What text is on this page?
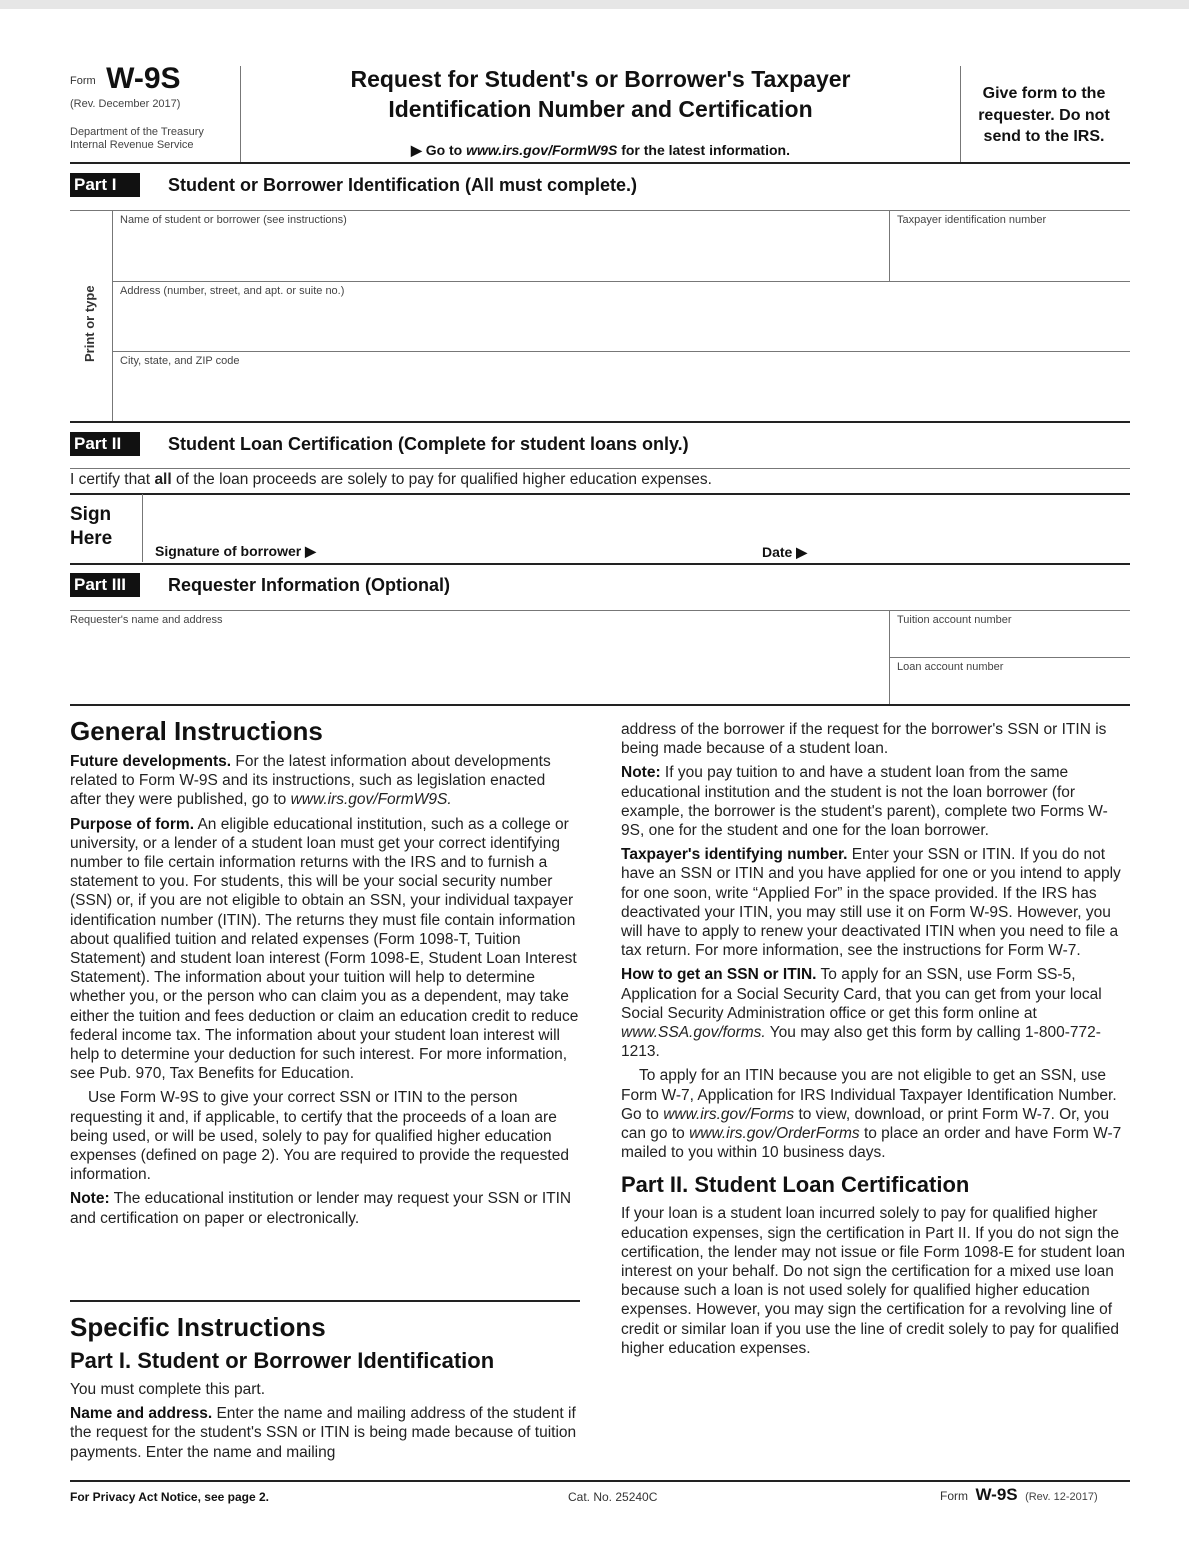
$^{Form}$ W-9S
(Rev. December 2017)
Department of the Treasury
Internal Revenue Service
Request for Student's or Borrower's Taxpayer
Identification Number and Certification
▶ Go to www.irs.gov/FormW9S for the latest information.
Give form to the requester. Do not send to the IRS.
Part I	Student or Borrower Identification (All must complete.)
Print or type
Name of student or borrower (see instructions)	Taxpayer identification number
Address (number, street, and apt. or suite no.)
City, state, and ZIP code
Part II	Student Loan Certification (Complete for student loans only.)
I certify that all of the loan proceeds are solely to pay for qualified higher education expenses.
Sign
Here
Signature of borrower ▶	Date ▶
Part III	Requester Information (Optional)
Requester's name and address	Tuition account number
Loan account number
General Instructions

Future developments. For the latest information about developments related to Form W-9S and its instructions, such as legislation enacted after they were published, go to www.irs.gov/FormW9S.

Purpose of form. An eligible educational institution, such as a college or university, or a lender of a student loan must get your correct identifying number to file certain information returns with the IRS and to furnish a statement to you. For students, this will be your social security number (SSN) or, if you are not eligible to obtain an SSN, your individual taxpayer identification number (ITIN). The returns they must file contain information about qualified tuition and related expenses (Form 1098-T, Tuition Statement) and student loan interest (Form 1098-E, Student Loan Interest Statement). The information about your tuition will help to determine whether you, or the person who can claim you as a dependent, may take either the tuition and fees deduction or claim an education credit to reduce federal income tax. The information about your student loan interest will help to determine your deduction for such interest. For more information, see Pub. 970, Tax Benefits for Education.

Use Form W-9S to give your correct SSN or ITIN to the person requesting it and, if applicable, to certify that the proceeds of a loan are being used, or will be used, solely to pay for qualified higher education expenses (defined on page 2). You are required to provide the requested information.

Note: The educational institution or lender may request your SSN or ITIN and certification on paper or electronically.

Specific Instructions
Part I. Student or Borrower Identification

You must complete this part.

Name and address. Enter the name and mailing address of the student if the request for the student's SSN or ITIN is being made because of tuition payments. Enter the name and mailing

address of the borrower if the request for the borrower's SSN or ITIN is being made because of a student loan.

Note: If you pay tuition to and have a student loan from the same educational institution and the student is not the loan borrower (for example, the borrower is the student's parent), complete two Forms W-9S, one for the student and one for the loan borrower.

Taxpayer's identifying number. Enter your SSN or ITIN. If you do not have an SSN or ITIN and you have applied for one or you intend to apply for one soon, write “Applied For” in the space provided. If the IRS has deactivated your ITIN, you may still use it on Form W-9S. However, you will have to apply to renew your deactivated ITIN when you need to file a tax return. For more information, see the instructions for Form W-7.

How to get an SSN or ITIN. To apply for an SSN, use Form SS-5, Application for a Social Security Card, that you can get from your local Social Security Administration office or get this form online at www.SSA.gov/forms. You may also get this form by calling 1-800-772-1213.

To apply for an ITIN because you are not eligible to get an SSN, use Form W-7, Application for IRS Individual Taxpayer Identification Number. Go to www.irs.gov/Forms to view, download, or print Form W-7. Or, you can go to www.irs.gov/OrderForms to place an order and have Form W-7 mailed to you within 10 business days.

Part II. Student Loan Certification

If your loan is a student loan incurred solely to pay for qualified higher education expenses, sign the certification in Part II. If you do not sign the certification, the lender may not issue or file Form 1098-E for student loan interest on your behalf. Do not sign the certification for a mixed use loan because such a loan is not used solely for qualified higher education expenses. However, you may sign the certification for a revolving line of credit or similar loan if you use the line of credit solely to pay for qualified higher education expenses.

For Privacy Act Notice, see page 2.	Cat. No. 25240C	Form W-9S (Rev. 12-2017)
